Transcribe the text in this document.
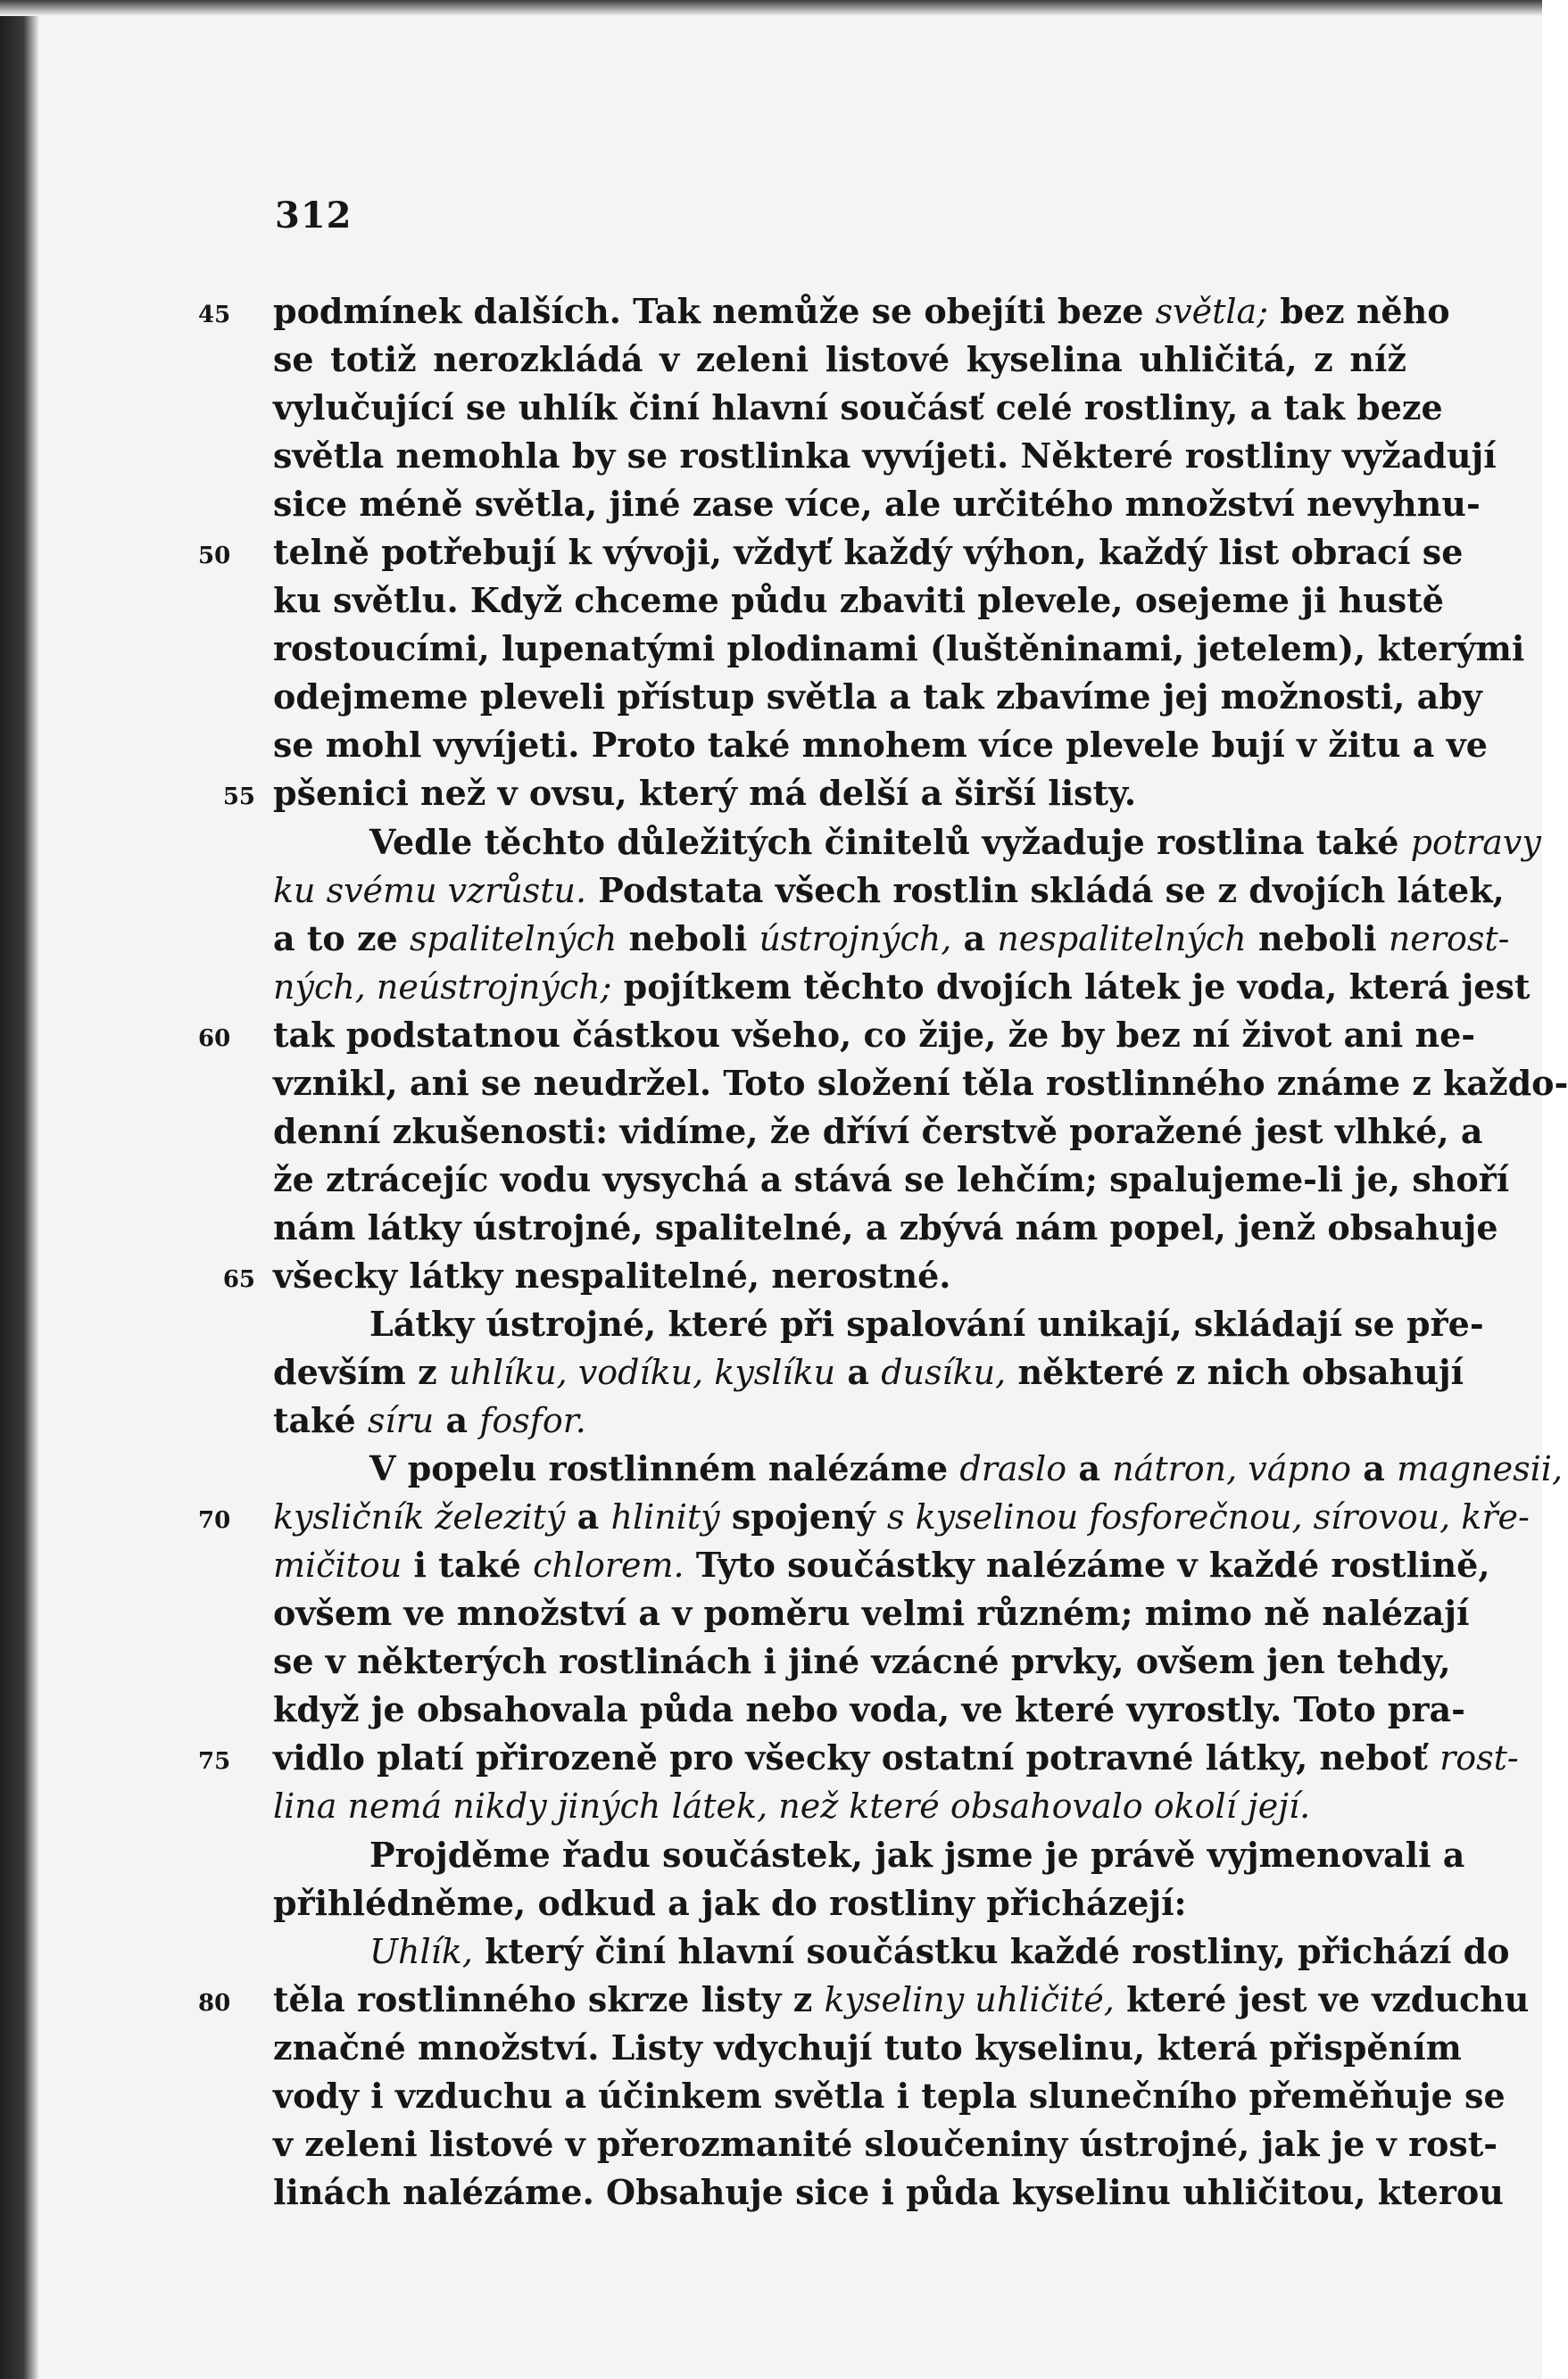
312
45	podmínek dalších. Tak nemůže se obejíti beze světla; bez něho
se totiž nerozkládá v zeleni listové kyselina uhličitá, z níž
vylučující se uhlík činí hlavní součásť celé rostliny, a tak beze
světla nemohla by se rostlinka vyvíjeti. Některé rostliny vyžadují
sice méně světla, jiné zase více, ale určitého množství nevyhnu-
50	telně potřebují k vývoji, vždyť každý výhon, každý list obrací se
ku světlu. Když chceme půdu zbaviti plevele, osejeme ji hustě
rostoucími, lupenatými plodinami (luštěninami, jetelem), kterými
odejmeme pleveli přístup světla a tak zbavíme jej možnosti, aby
se mohl vyvíjeti. Proto také mnohem více plevele bují v žitu a ve
55 pšenici než v ovsu, který má delší a širší listy.
Vedle těchto důležitých činitelů vyžaduje rostlina také potravy
ku svému vzrůstu. Podstata všech rostlin skládá se z dvojích látek,
a to ze spalitelných neboli ústrojných, a nespalitelných neboli nerost-
ných, neústrojných; pojítkem těchto dvojích látek je voda, která jest
60	tak podstatnou částkou všeho, co žije, že by bez ní život ani ne-
vznikl, ani se neudržel. Toto složení těla rostlinného známe z každo-
denní zkušenosti: vidíme, že dříví čerstvě poražené jest vlhké, a
že ztrácejíc vodu vysychá a stává se lehčím; spalujeme-li je, shoří
nám látky ústrojné, spalitelné, a zbývá nám popel, jenž obsahuje
65 všecky látky nespalitelné, nerostné.
Látky ústrojné, které při spalování unikají, skládají se pře-
devším z uhlíku, vodíku, kyslíku a dusíku, některé z nich obsahují
také síru a fosfor.
V popelu rostlinném nalézáme draslo a nátron, vápno a magnesii,
70	kysličník železitý a hlinitý spojený s kyselinou fosforečnou, sírovou, kře-
mičitou i také chlorem. Tyto součástky nalézáme v každé rostlině,
ovšem ve množství a v poměru velmi různém; mimo ně nalézají
se v některých rostlinách i jiné vzácné prvky, ovšem jen tehdy,
když je obsahovala půda nebo voda, ve které vyrostly. Toto pra-
75	vidlo platí přirozeně pro všecky ostatní potravné látky, neboť rost-
lina nemá nikdy jiných látek, než které obsahovalo okolí její.
Projděme řadu součástek, jak jsme je právě vyjmenovali a
přihlédněme, odkud a jak do rostliny přicházejí:
Uhlík, který činí hlavní součástku každé rostliny, přichází do
80	těla rostlinného skrze listy z kyseliny uhličité, které jest ve vzduchu
značné množství. Listy vdychují tuto kyselinu, která přispěním
vody i vzduchu a účinkem světla i tepla slunečního přeměňuje se
v zeleni listové v přerozmanité sloučeniny ústrojné, jak je v rost-
linách nalézáme. Obsahuje sice i půda kyselinu uhličitou, kterou
